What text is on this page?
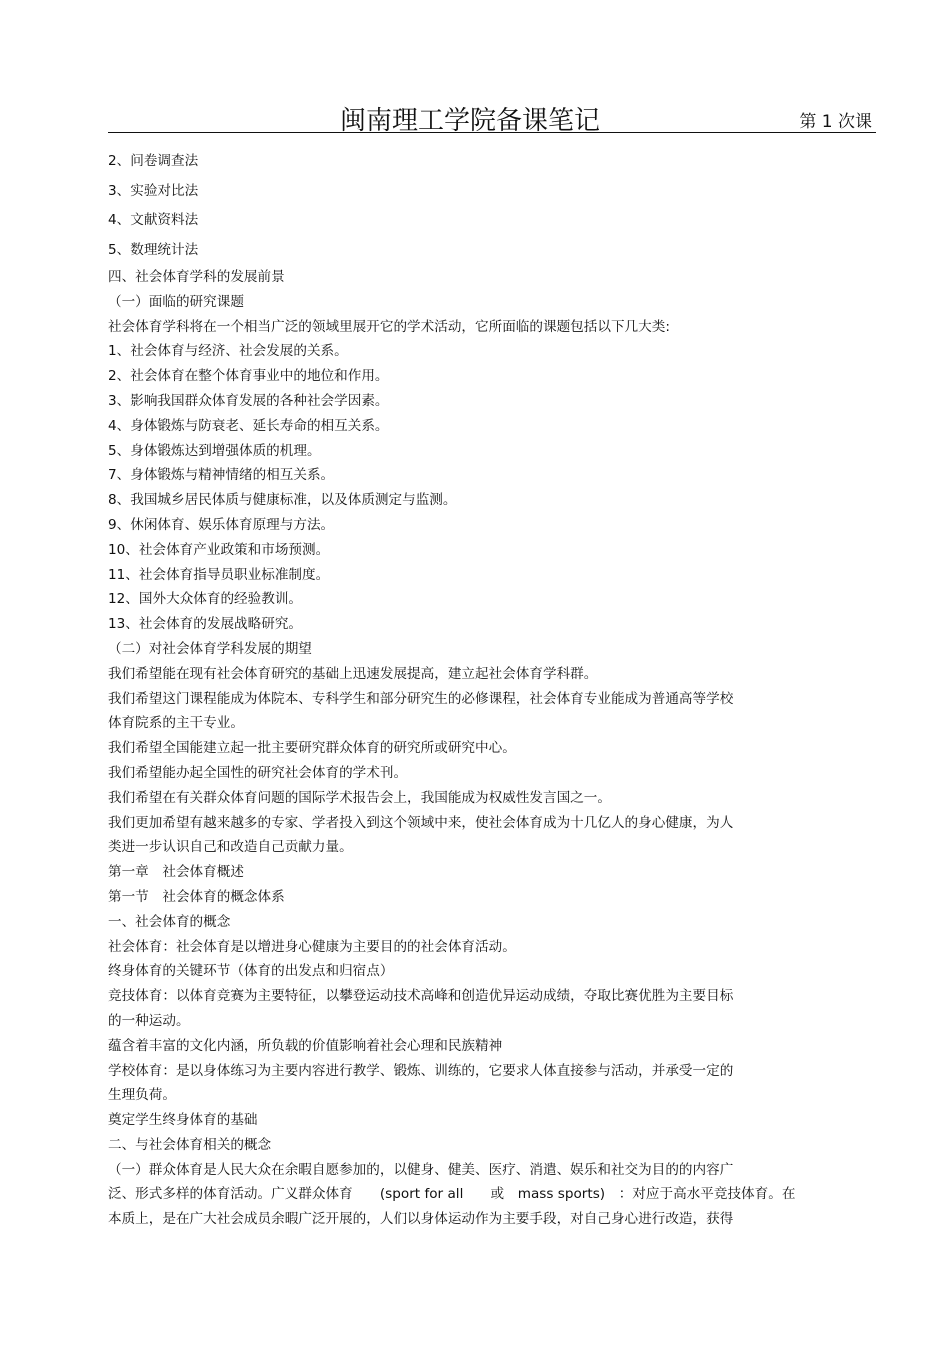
闽南理工学院备课笔记	第 1 次课
2、问卷调查法
3、实验对比法
4、文献资料法
5、数理统计法
四、社会体育学科的发展前景
（一）面临的研究课题
社会体育学科将在一个相当广泛的领域里展开它的学术活动，它所面临的课题包括以下几大类:
1、社会体育与经济、社会发展的关系。
2、社会体育在整个体育事业中的地位和作用。
3、影响我国群众体育发展的各种社会学因素。
4、身体锻炼与防衰老、延长寿命的相互关系。
5、身体锻炼达到增强体质的机理。
7、身体锻炼与精神情绪的相互关系。
8、我国城乡居民体质与健康标准，以及体质测定与监测。
9、休闲体育、娱乐体育原理与方法。
10、社会体育产业政策和市场预测。
11、社会体育指导员职业标准制度。
12、国外大众体育的经验教训。
13、社会体育的发展战略研究。
（二）对社会体育学科发展的期望
我们希望能在现有社会体育研究的基础上迅速发展提高，建立起社会体育学科群。
我们希望这门课程能成为体院本、专科学生和部分研究生的必修课程，社会体育专业能成为普通高等学校
体育院系的主干专业。
我们希望全国能建立起一批主要研究群众体育的研究所或研究中心。
我们希望能办起全国性的研究社会体育的学术刊。
我们希望在有关群众体育问题的国际学术报告会上，我国能成为权威性发言国之一。
我们更加希望有越来越多的专家、学者投入到这个领域中来，使社会体育成为十几亿人的身心健康，为人
类进一步认识自己和改造自己贡献力量。
第一章　社会体育概述
第一节　社会体育的概念体系
一、社会体育的概念
社会体育：社会体育是以增进身心健康为主要目的的社会体育活动。
终身体育的关键环节（体育的出发点和归宿点）
竞技体育：以体育竞赛为主要特征，以攀登运动技术高峰和创造优异运动成绩，夺取比赛优胜为主要目标
的一种运动。
蕴含着丰富的文化内涵，所负载的价值影响着社会心理和民族精神
学校体育：是以身体练习为主要内容进行教学、锻炼、训练的，它要求人体直接参与活动，并承受一定的
生理负荷。
奠定学生终身体育的基础
二、与社会体育相关的概念
（一）群众体育是人民大众在余暇自愿参加的，以健身、健美、医疗、消遣、娱乐和社交为目的的内容广
泛、形式多样的体育活动。广义群众体育　　(sport for all　　或　mass sports)　：对应于高水平竞技体育。在
本质上，是在广大社会成员余暇广泛开展的，人们以身体运动作为主要手段，对自己身心进行改造，获得
